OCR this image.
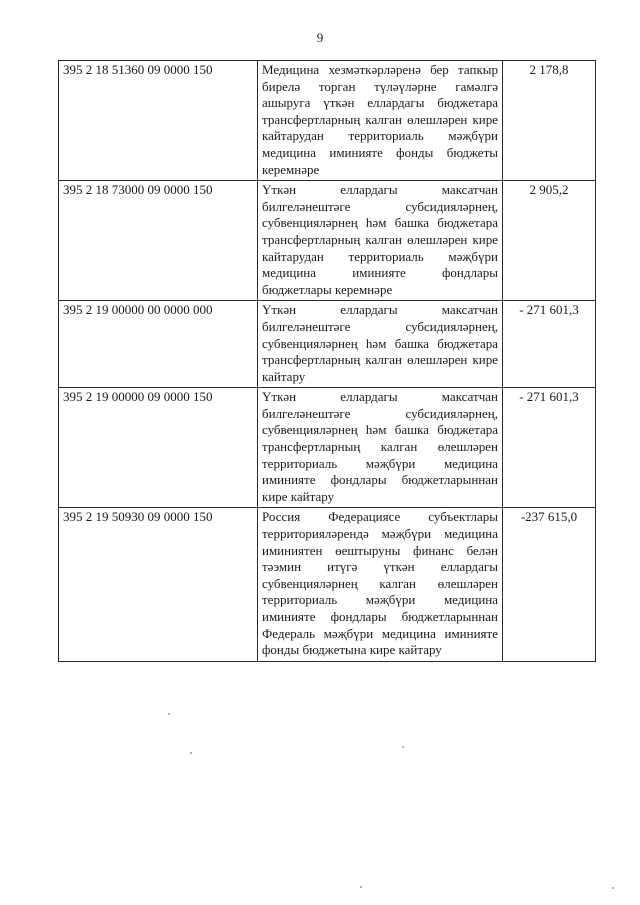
9
395 2 18 51360 09 0000 150	Медицина хезмәткәрләренә бер тапкыр бирелә торган түләүләрне гамәлгә ашыруга үткән еллардагы бюджетара трансфертларның калган өлешләрен кире кайтарудан территориаль мәҗбүри медицина иминияте фонды бюджеты керемнәре	2 178,8
395 2 18 73000 09 0000 150	Үткән еллардагы максатчан билгеләнештәге субсидияләрнең, субвенцияләрнең һәм башка бюджетара трансфертларның калган өлешләрен кире кайтарудан территориаль мәҗбүри медицина иминияте фондлары бюджетлары керемнәре	2 905,2
395 2 19 00000 00 0000 000	Үткән еллардагы максатчан билгеләнештәге субсидияләрнең, субвенцияләрнең һәм башка бюджетара трансфертларның калган өлешләрен кире кайтару	- 271 601,3
395 2 19 00000 09 0000 150	Үткән еллардагы максатчан билгеләнештәге субсидияләрнең, субвенцияләрнең һәм башка бюджетара трансфертларның калган өлешләрен территориаль мәҗбүри медицина иминияте фондлары бюджетларыннан кире кайтару	- 271 601,3
395 2 19 50930 09 0000 150	Россия Федерациясе субъектлары территорияләрендә мәҗбүри медицина иминиятен өештыруны финанс белән тәэмин итүгә үткән еллардагы субвенцияләрнең калган өлешләрен территориаль мәҗбүри медицина иминияте фондлары бюджетларыннан Федераль мәҗбүри медицина иминияте фонды бюджетына кире кайтару	-237 615,0
